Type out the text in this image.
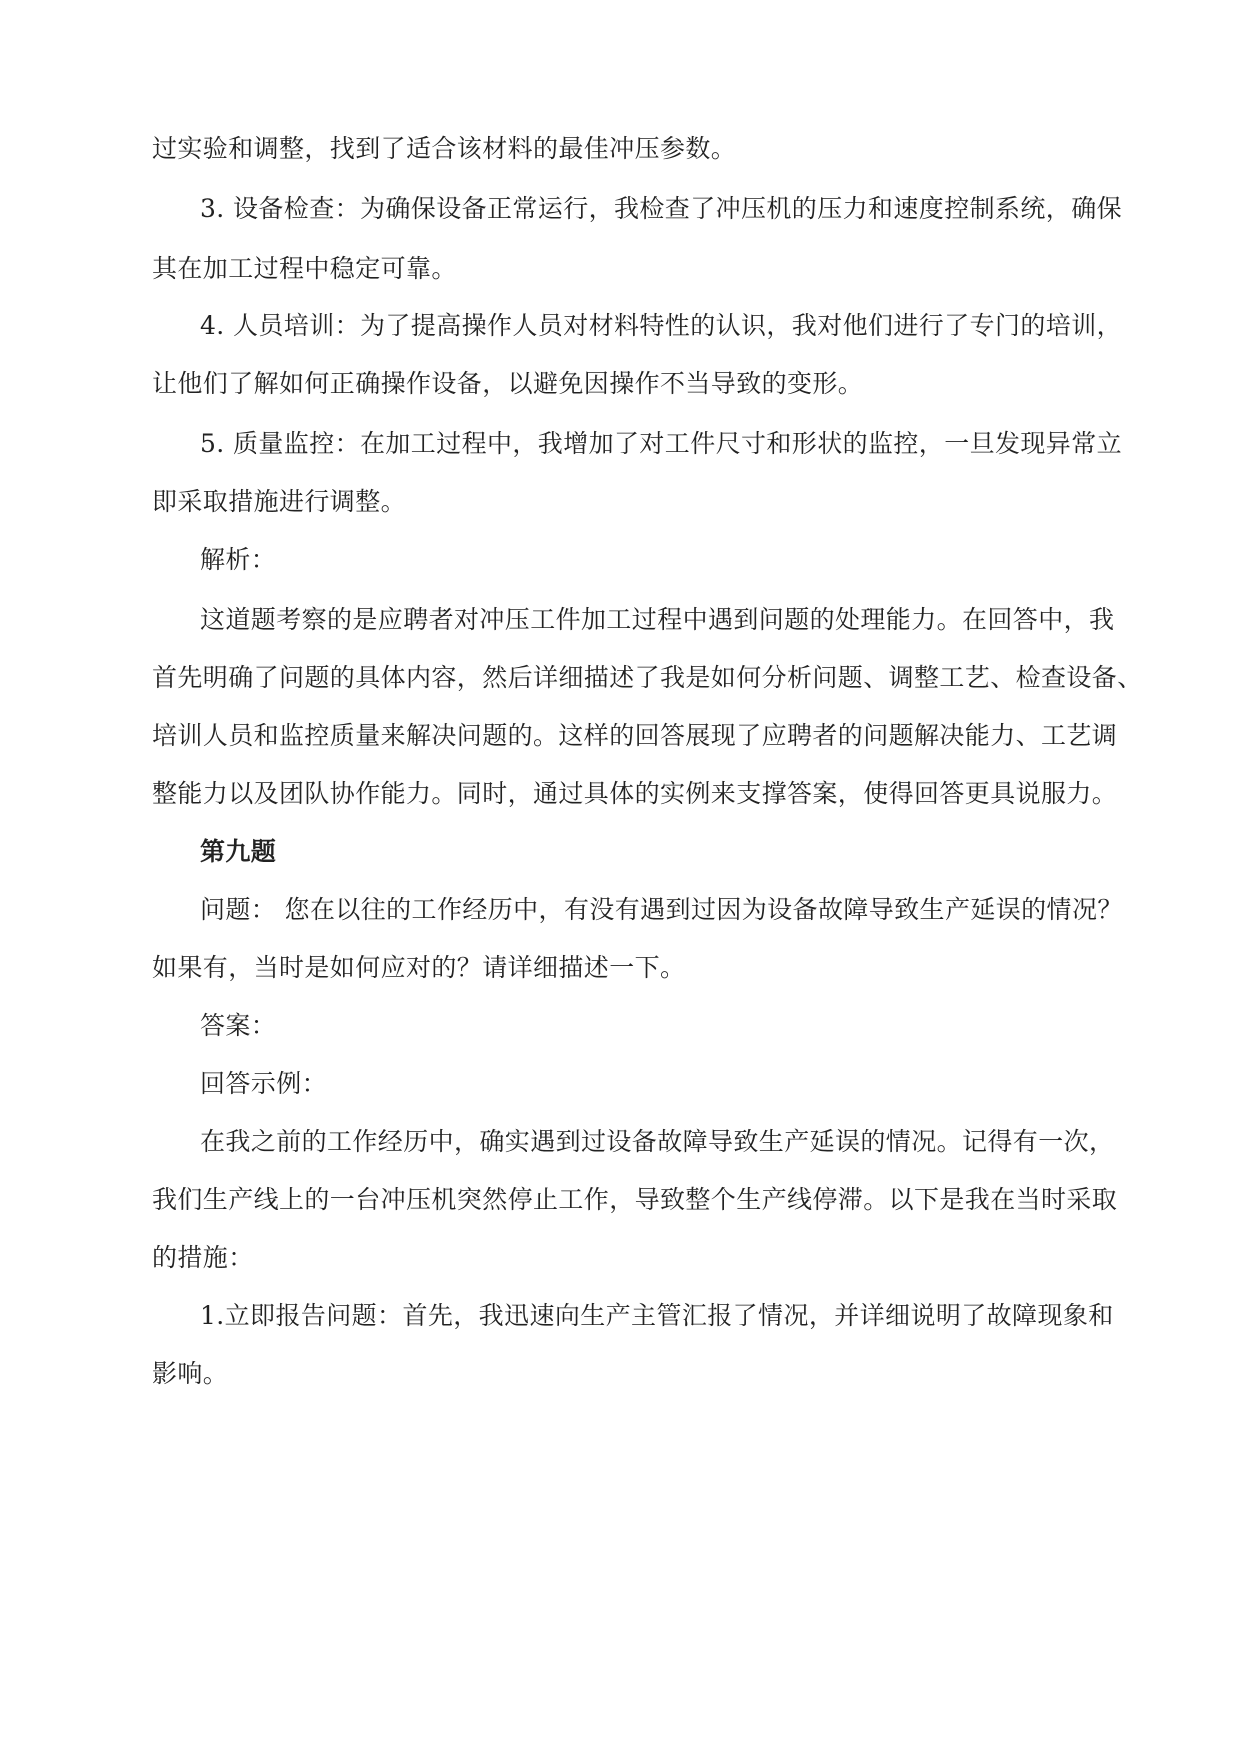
过实验和调整，找到了适合该材料的最佳冲压参数。
3. 设备检查：为确保设备正常运行，我检查了冲压机的压力和速度控制系统，确保
其在加工过程中稳定可靠。
4. 人员培训：为了提高操作人员对材料特性的认识，我对他们进行了专门的培训，
让他们了解如何正确操作设备，以避免因操作不当导致的变形。
5. 质量监控：在加工过程中，我增加了对工件尺寸和形状的监控，一旦发现异常立
即采取措施进行调整。
解析：
这道题考察的是应聘者对冲压工件加工过程中遇到问题的处理能力。在回答中，我
首先明确了问题的具体内容，然后详细描述了我是如何分析问题、调整工艺、检查设备、
培训人员和监控质量来解决问题的。这样的回答展现了应聘者的问题解决能力、工艺调
整能力以及团队协作能力。同时，通过具体的实例来支撑答案，使得回答更具说服力。
第九题
问题： 您在以往的工作经历中，有没有遇到过因为设备故障导致生产延误的情况？
如果有，当时是如何应对的？请详细描述一下。
答案：
回答示例：
在我之前的工作经历中，确实遇到过设备故障导致生产延误的情况。记得有一次，
我们生产线上的一台冲压机突然停止工作，导致整个生产线停滞。以下是我在当时采取
的措施：
1.立即报告问题：首先，我迅速向生产主管汇报了情况，并详细说明了故障现象和
影响。
